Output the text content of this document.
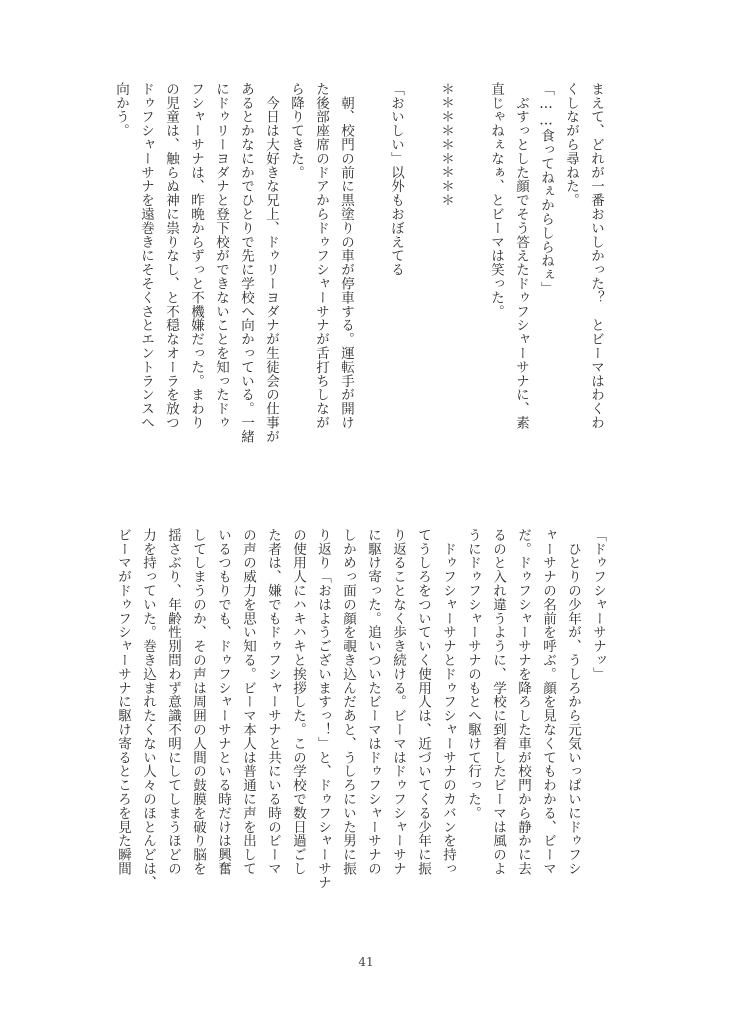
まえて、どれが一番おいしかった？　とビーマはわくわ
くしながら尋ねた。
「……食ってねぇからしらねぇ」
　ぶすっとした顔でそう答えたドゥフシャーサナに、素
直じゃねぇなぁ、とビーマは笑った。

＊＊＊＊＊＊＊＊＊

「おいしい」以外もおぼえてる

　朝、校門の前に黒塗りの車が停車する。運転手が開け
た後部座席のドアからドゥフシャーサナが舌打ちしなが
ら降りてきた。
　今日は大好きな兄上、ドゥリーヨダナが生徒会の仕事が
あるとかなにかでひとりで先に学校へ向かっている。一緒
にドゥリーヨダナと登下校ができないことを知ったドゥ
フシャーサナは、昨晩からずっと不機嫌だった。まわり
の児童は、触らぬ神に祟りなし、と不穏なオーラを放つ
ドゥフシャーサナを遠巻きにそそくさとエントランスへ
向かう。
「ドゥフシャーサナッ」
　ひとりの少年が、うしろから元気いっぱいにドゥフシ
ャーサナの名前を呼ぶ。顔を見なくてもわかる、ビーマ
だ。ドゥフシャーサナを降ろした車が校門から静かに去
るのと入れ違うように、学校に到着したビーマは風のよ
うにドゥフシャーサナのもとへ駆けて行った。
　ドゥフシャーサナとドゥフシャーサナのカバンを持っ
てうしろをついていく使用人は、近づいてくる少年に振
り返ることなく歩き続ける。ビーマはドゥフシャーサナ
に駆け寄った。追いついたビーマはドゥフシャーサナの
しかめっ面の顔を覗き込んだあと、うしろにいた男に振
り返り「おはようございますっ！」と、ドゥフシャーサナ
の使用人にハキハキと挨拶した。この学校で数日過ごし
た者は、嫌でもドゥフシャーサナと共にいる時のビーマ
の声の威力を思い知る。ビーマ本人は普通に声を出して
いるつもりでも、ドゥフシャーサナといる時だけは興奮
してしまうのか、その声は周囲の人間の鼓膜を破り脳を
揺さぶり、年齢性別問わず意識不明にしてしまうほどの
力を持っていた。巻き込まれたくない人々のほとんどは、
ビーマがドゥフシャーサナに駆け寄るところを見た瞬間
41
